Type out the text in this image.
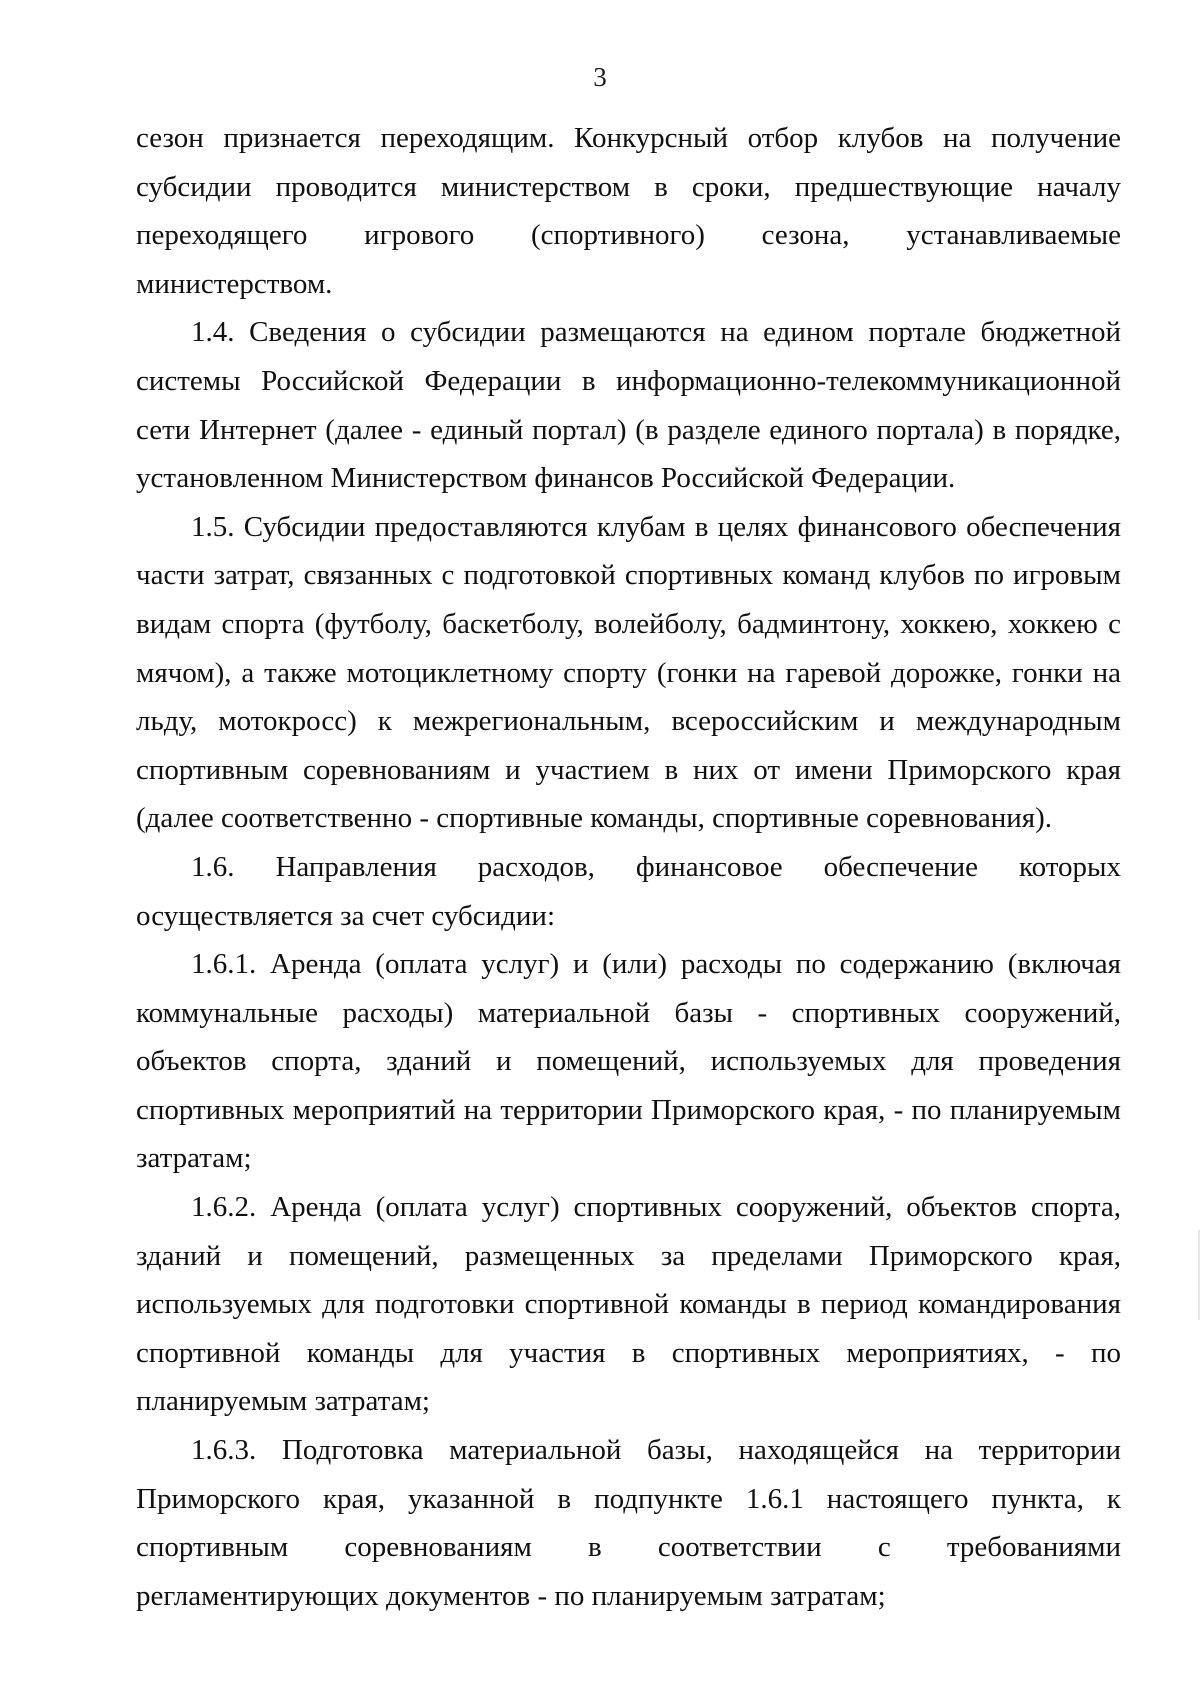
3

сезон признается переходящим. Конкурсный отбор клубов на получение субсидии проводится министерством в сроки, предшествующие началу переходящего игрового (спортивного) сезона, устанавливаемые министерством.

1.4. Сведения о субсидии размещаются на едином портале бюджетной системы Российской Федерации в информационно-телекоммуникационной сети Интернет (далее - единый портал) (в разделе единого портала) в порядке, установленном Министерством финансов Российской Федерации.

1.5. Субсидии предоставляются клубам в целях финансового обеспечения части затрат, связанных с подготовкой спортивных команд клубов по игровым видам спорта (футболу, баскетболу, волейболу, бадминтону, хоккею, хоккею с мячом), а также мотоциклетному спорту (гонки на гаревой дорожке, гонки на льду, мотокросс) к межрегиональным, всероссийским и международным спортивным соревнованиям и участием в них от имени Приморского края (далее соответственно - спортивные команды, спортивные соревнования).

1.6. Направления расходов, финансовое обеспечение которых осуществляется за счет субсидии:

1.6.1. Аренда (оплата услуг) и (или) расходы по содержанию (включая коммунальные расходы) материальной базы - спортивных сооружений, объектов спорта, зданий и помещений, используемых для проведения спортивных мероприятий на территории Приморского края, - по планируемым затратам;

1.6.2. Аренда (оплата услуг) спортивных сооружений, объектов спорта, зданий и помещений, размещенных за пределами Приморского края, используемых для подготовки спортивной команды в период командирования спортивной команды для участия в спортивных мероприятиях, - по планируемым затратам;

1.6.3. Подготовка материальной базы, находящейся на территории Приморского края, указанной в подпункте 1.6.1 настоящего пункта, к спортивным соревнованиям в соответствии с требованиями регламентирующих документов - по планируемым затратам;
